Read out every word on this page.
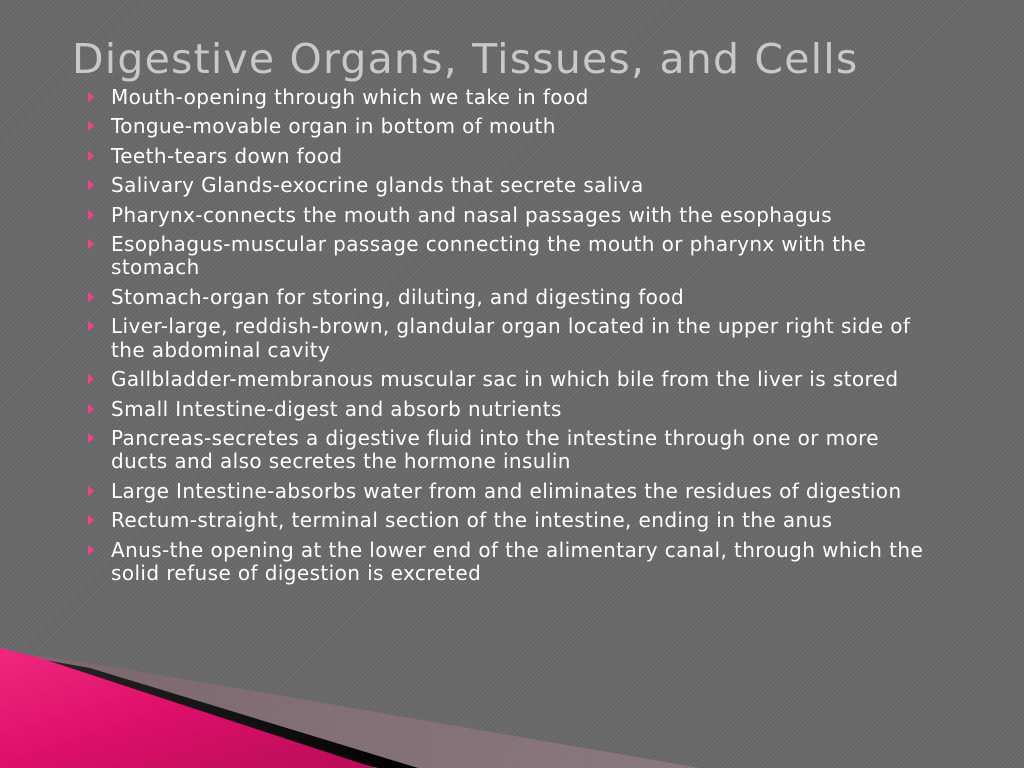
Digestive Organs, Tissues, and Cells
Mouth-opening through which we take in food
Tongue-movable organ in bottom of mouth
Teeth-tears down food
Salivary Glands-exocrine glands that secrete saliva
Pharynx-connects the mouth and nasal passages with the esophagus
Esophagus-muscular passage connecting the mouth or pharynx with the stomach
Stomach-organ for storing, diluting, and digesting food
Liver-large, reddish-brown, glandular organ located in the upper right side of the abdominal cavity
Gallbladder-membranous muscular sac in which bile from the liver is stored
Small Intestine-digest and absorb nutrients
Pancreas-secretes a digestive fluid into the intestine through one or more ducts and also secretes the hormone insulin
Large Intestine-absorbs water from and eliminates the residues of digestion
Rectum-straight, terminal section of the intestine, ending in the anus
Anus-the opening at the lower end of the alimentary canal, through which the solid refuse of digestion is excreted
